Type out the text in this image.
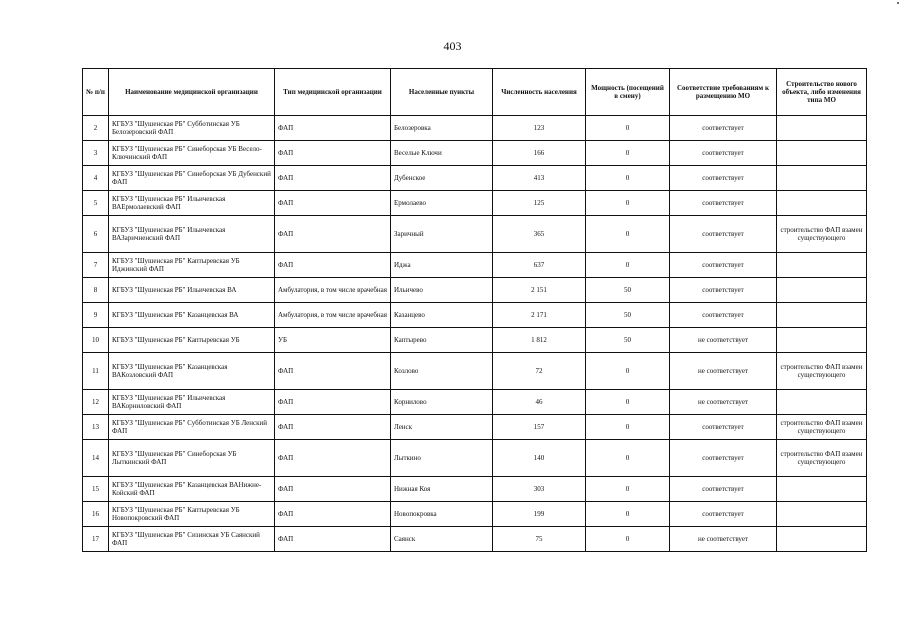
403
№ п/п	Наименование медицинской организации	Тип медицинской организации	Населенные пункты	Численность населения	Мощность (посещений в смену)	Соответствие требованиям к размещению МО	Строительство нового объекта, либо изменения типа МО
2	КГБУЗ "Шушенская РБ" Субботинская УБ Белозеровский ФАП	ФАП	Белозеровка	123	0	соответствует	
3	КГБУЗ "Шушенская РБ" Синеборская УБ Весело-Ключинский ФАП	ФАП	Веселые Ключи	166	0	соответствует	
4	КГБУЗ "Шушенская РБ" Синеборская УБ Дубенский ФАП	ФАП	Дубенское	413	0	соответствует	
5	КГБУЗ "Шушенская РБ" Ильичевская ВАЕрмолаевский ФАП	ФАП	Ермолаево	125	0	соответствует	
6	КГБУЗ "Шушенская РБ" Ильичевская ВАЗаричненский ФАП	ФАП	Заричный	365	0	соответствует	строительство ФАП взамен существующего
7	КГБУЗ "Шушенская РБ" Каптыревская УБ Иджинский ФАП	ФАП	Иджа	637	0	соответствует	
8	КГБУЗ "Шушенская РБ" Ильичевская ВА	Амбулатория, в том числе врачебная	Ильичево	2 151	50	соответствует	
9	КГБУЗ "Шушенская РБ" Казанцевская ВА	Амбулатория, в том числе врачебная	Казанцево	2 171	50	соответствует	
10	КГБУЗ "Шушенская РБ" Каптыревская УБ	УБ	Каптырево	1 812	50	не соответствует	
11	КГБУЗ "Шушенская РБ" Казанцевская ВАКозловский ФАП	ФАП	Козлово	72	0	не соответствует	строительство ФАП взамен существующего
12	КГБУЗ "Шушенская РБ" Ильичевская ВАКорниловский ФАП	ФАП	Корнилово	46	0	не соответствует	
13	КГБУЗ "Шушенская РБ" Субботинская УБ Ленский ФАП	ФАП	Ленск	157	0	соответствует	строительство ФАП взамен существующего
14	КГБУЗ "Шушенская РБ" Синеборская УБ Лыткинский ФАП	ФАП	Лыткино	140	0	соответствует	строительство ФАП взамен существующего
15	КГБУЗ "Шушенская РБ" Казанцевская ВАНижне-Койский ФАП	ФАП	Нижная Коя	303	0	соответствует	
16	КГБУЗ "Шушенская РБ" Каптыревская УБ Новопокровский ФАП	ФАП	Новопокровка	199	0	соответствует	
17	КГБУЗ "Шушенская РБ" Сизинская УБ Саянский ФАП	ФАП	Саянск	75	0	не соответствует	
